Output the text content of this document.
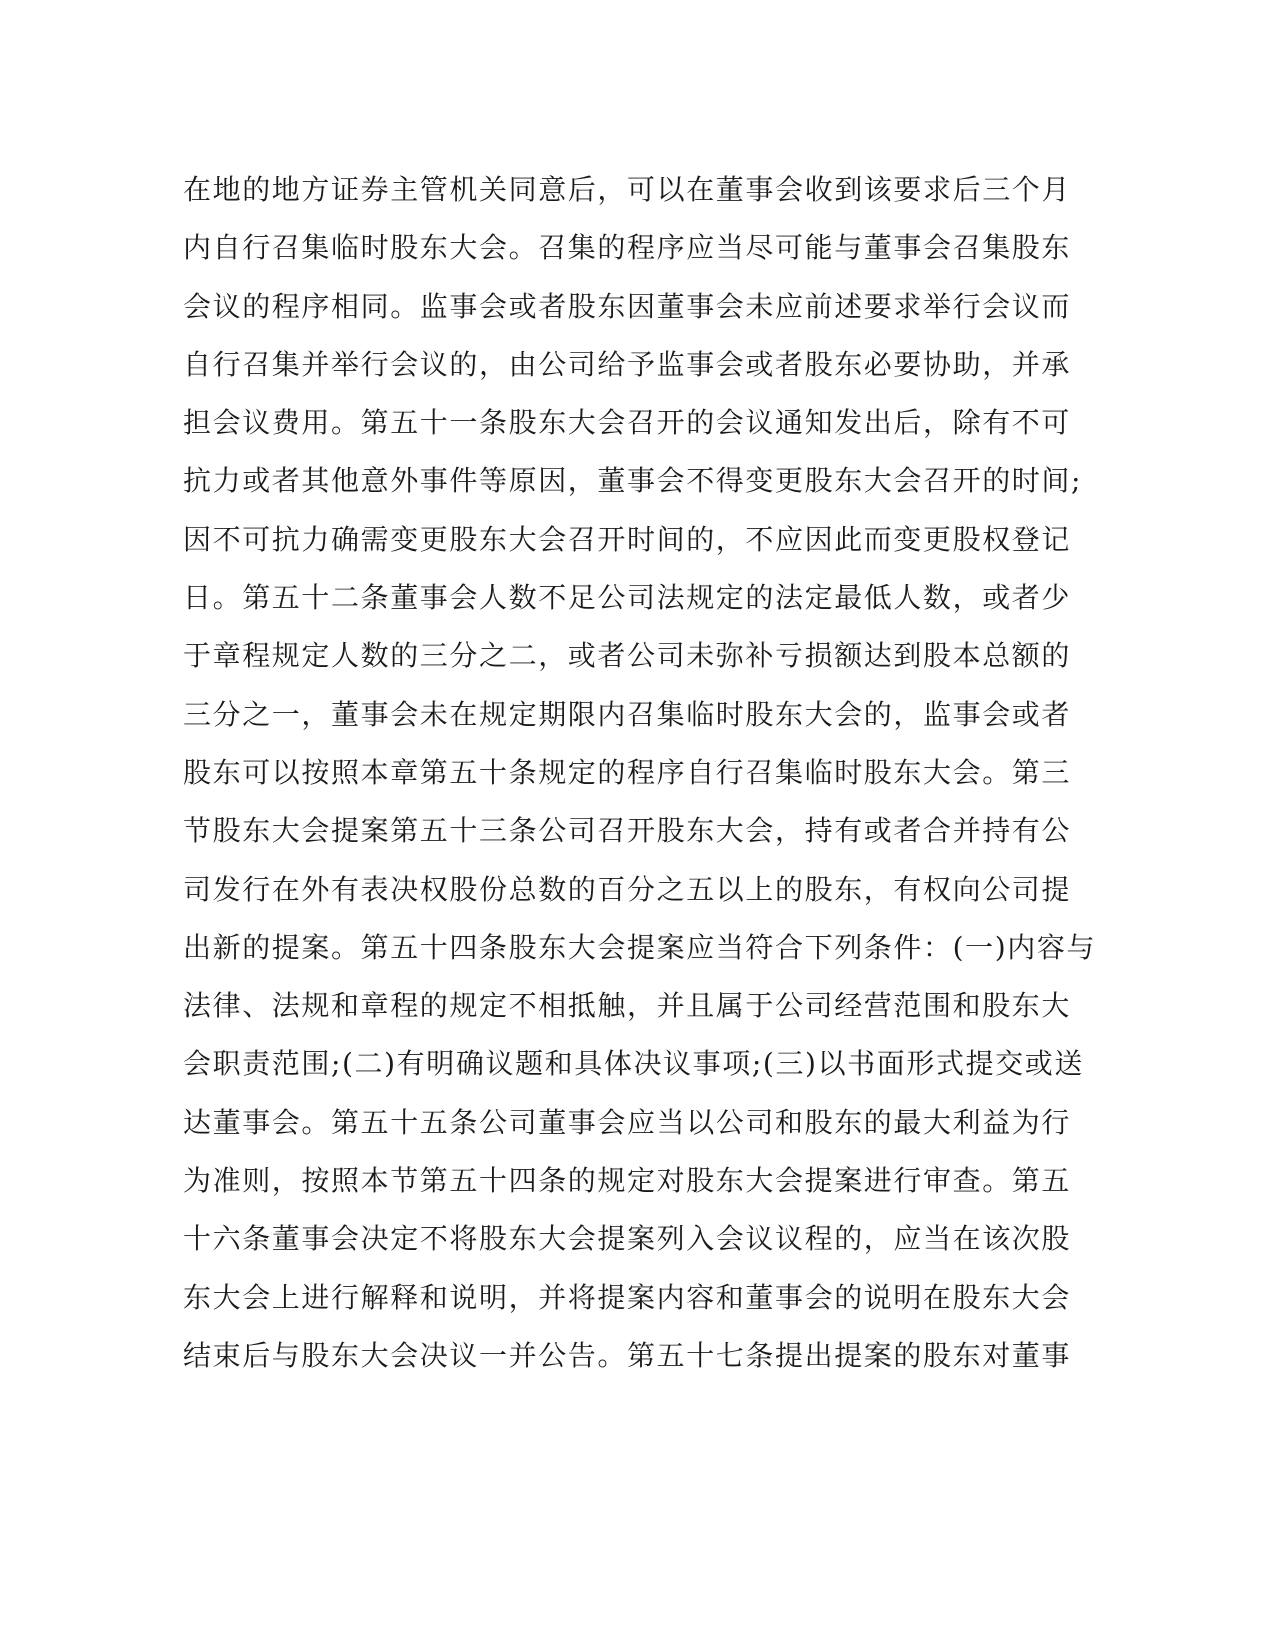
在地的地方证券主管机关同意后，可以在董事会收到该要求后三个月
内自行召集临时股东大会。召集的程序应当尽可能与董事会召集股东
会议的程序相同。监事会或者股东因董事会未应前述要求举行会议而
自行召集并举行会议的，由公司给予监事会或者股东必要协助，并承
担会议费用。第五十一条股东大会召开的会议通知发出后，除有不可
抗力或者其他意外事件等原因，董事会不得变更股东大会召开的时间;
因不可抗力确需变更股东大会召开时间的，不应因此而变更股权登记
日。第五十二条董事会人数不足公司法规定的法定最低人数，或者少
于章程规定人数的三分之二，或者公司未弥补亏损额达到股本总额的
三分之一，董事会未在规定期限内召集临时股东大会的，监事会或者
股东可以按照本章第五十条规定的程序自行召集临时股东大会。第三
节股东大会提案第五十三条公司召开股东大会，持有或者合并持有公
司发行在外有表决权股份总数的百分之五以上的股东，有权向公司提
出新的提案。第五十四条股东大会提案应当符合下列条件：(一)内容与
法律、法规和章程的规定不相抵触，并且属于公司经营范围和股东大
会职责范围;(二)有明确议题和具体决议事项;(三)以书面形式提交或送
达董事会。第五十五条公司董事会应当以公司和股东的最大利益为行
为准则，按照本节第五十四条的规定对股东大会提案进行审查。第五
十六条董事会决定不将股东大会提案列入会议议程的，应当在该次股
东大会上进行解释和说明，并将提案内容和董事会的说明在股东大会
结束后与股东大会决议一并公告。第五十七条提出提案的股东对董事
